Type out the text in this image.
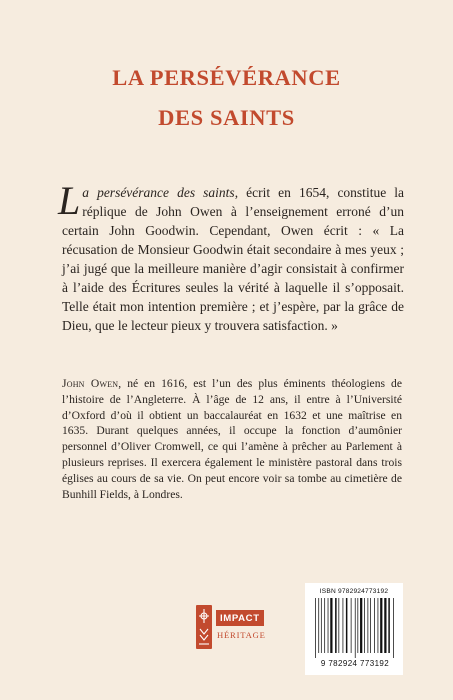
LA PERSÉVÉRANCE
DES SAINTS

La persévérance des saints, écrit en 1654, constitue la réplique de John Owen à l’enseignement erroné d’un certain John Goodwin. Cependant, Owen écrit : « La récusation de Monsieur Goodwin était secondaire à mes yeux ; j’ai jugé que la meilleure manière d’agir consistait à confirmer à l’aide des Écritures seules la vérité à laquelle il s’opposait. Telle était mon intention première ; et j’espère, par la grâce de Dieu, que le lecteur pieux y trouvera satisfaction. »

John Owen, né en 1616, est l’un des plus éminents théologiens de l’histoire de l’Angleterre. À l’âge de 12 ans, il entre à l’Université d’Oxford d’où il obtient un baccalauréat en 1632 et une maîtrise en 1635. Durant quelques années, il occupe la fonction d’aumônier personnel d’Oliver Cromwell, ce qui l’amène à prêcher au Parlement à plusieurs reprises. Il exercera également le ministère pastoral dans trois églises au cours de sa vie. On peut encore voir sa tombe au cimetière de Bunhill Fields, à Londres.

IMPACT
HÉRITAGE
ISBN 9782924773192
9 782924 773192
